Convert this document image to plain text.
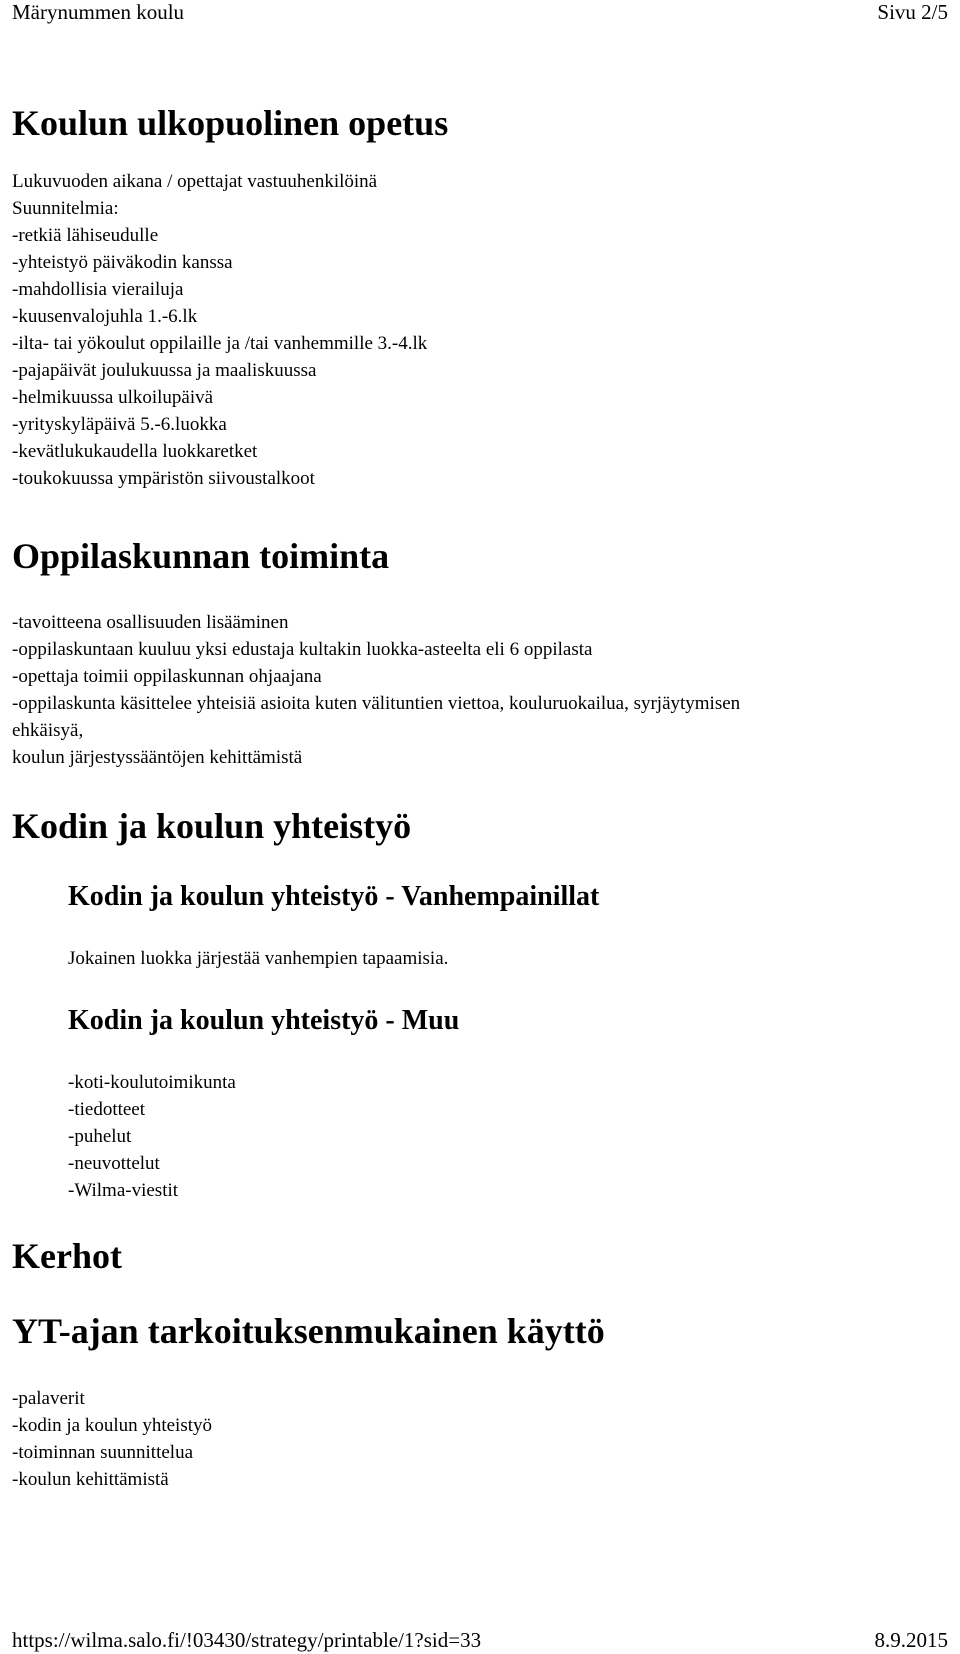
Märynummen koulu	Sivu 2/5
Koulun ulkopuolinen opetus
Lukuvuoden aikana / opettajat vastuuhenkilöinä
Suunnitelmia:
-retkiä lähiseudulle
-yhteistyö päiväkodin kanssa
-mahdollisia vierailuja
-kuusenvalojuhla 1.-6.lk
-ilta- tai yökoulut oppilaille ja /tai vanhemmille 3.-4.lk
-pajapäivät joulukuussa ja maaliskuussa
-helmikuussa ulkoilupäivä
-yrityskyläpäivä 5.-6.luokka
-kevätlukukaudella luokkaretket
-toukokuussa ympäristön siivoustalkoot
Oppilaskunnan toiminta
-tavoitteena osallisuuden lisääminen
-oppilaskuntaan kuuluu yksi edustaja kultakin luokka-asteelta eli 6 oppilasta
-opettaja toimii oppilaskunnan ohjaajana
-oppilaskunta käsittelee yhteisiä asioita kuten välituntien viettoa, kouluruokailua, syrjäytymisen
ehkäisyä,
koulun järjestyssääntöjen kehittämistä
Kodin ja koulun yhteistyö
Kodin ja koulun yhteistyö - Vanhempainillat
Jokainen luokka järjestää vanhempien tapaamisia.
Kodin ja koulun yhteistyö - Muu
-koti-koulutoimikunta
-tiedotteet
-puhelut
-neuvottelut
-Wilma-viestit
Kerhot
YT-ajan tarkoituksenmukainen käyttö
-palaverit
-kodin ja koulun yhteistyö
-toiminnan suunnittelua
-koulun kehittämistä
https://wilma.salo.fi/!03430/strategy/printable/1?sid=33	8.9.2015
